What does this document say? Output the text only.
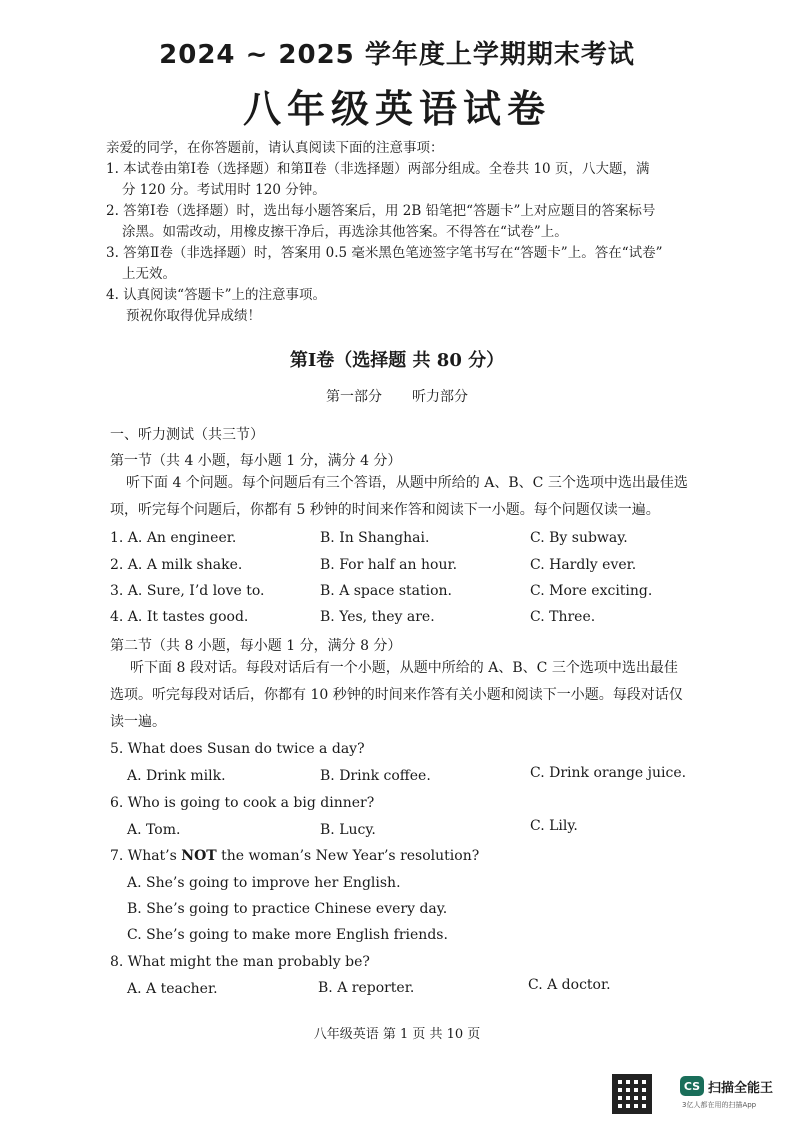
2024 ~ 2025 学年度上学期期末考试
八年级英语试卷
亲爱的同学，在你答题前，请认真阅读下面的注意事项：
1. 本试卷由第Ⅰ卷（选择题）和第Ⅱ卷（非选择题）两部分组成。全卷共 10 页，八大题，满
分 120 分。考试用时 120 分钟。
2. 答第Ⅰ卷（选择题）时，选出每小题答案后，用 2B 铅笔把“答题卡”上对应题目的答案标号
涂黑。如需改动，用橡皮擦干净后，再选涂其他答案。不得答在“试卷”上。
3. 答第Ⅱ卷（非选择题）时，答案用 0.5 毫米黑色笔迹签字笔书写在“答题卡”上。答在“试卷”
上无效。
4. 认真阅读“答题卡”上的注意事项。
预祝你取得优异成绩！
第Ⅰ卷（选择题 共 80 分）
第一部分 听力部分
一、听力测试（共三节）
第一节（共 4 小题，每小题 1 分，满分 4 分）
听下面 4 个问题。每个问题后有三个答语，从题中所给的 A、B、C 三个选项中选出最佳选
项，听完每个问题后，你都有 5 秒钟的时间来作答和阅读下一小题。每个问题仅读一遍。
1. A. An engineer.	B. In Shanghai.	C. By subway.
2. A. A milk shake.	B. For half an hour.	C. Hardly ever.
3. A. Sure, I’d love to.	B. A space station.	C. More exciting.
4. A. It tastes good.	B. Yes, they are.	C. Three.
第二节（共 8 小题，每小题 1 分，满分 8 分）
听下面 8 段对话。每段对话后有一个小题，从题中所给的 A、B、C 三个选项中选出最佳
选项。听完每段对话后，你都有 10 秒钟的时间来作答有关小题和阅读下一小题。每段对话仅
读一遍。
5. What does Susan do twice a day?
A. Drink milk.	B. Drink coffee.	C. Drink orange juice.
6. Who is going to cook a big dinner?
A. Tom.	B. Lucy.	C. Lily.
7. What’s NOT the woman’s New Year’s resolution?
A. She’s going to improve her English.
B. She’s going to practice Chinese every day.
C. She’s going to make more English friends.
8. What might the man probably be?
A. A teacher.	B. A reporter.	C. A doctor.
八年级英语 第 1 页 共 10 页
CS 扫描全能王
3亿人都在用的扫描App
